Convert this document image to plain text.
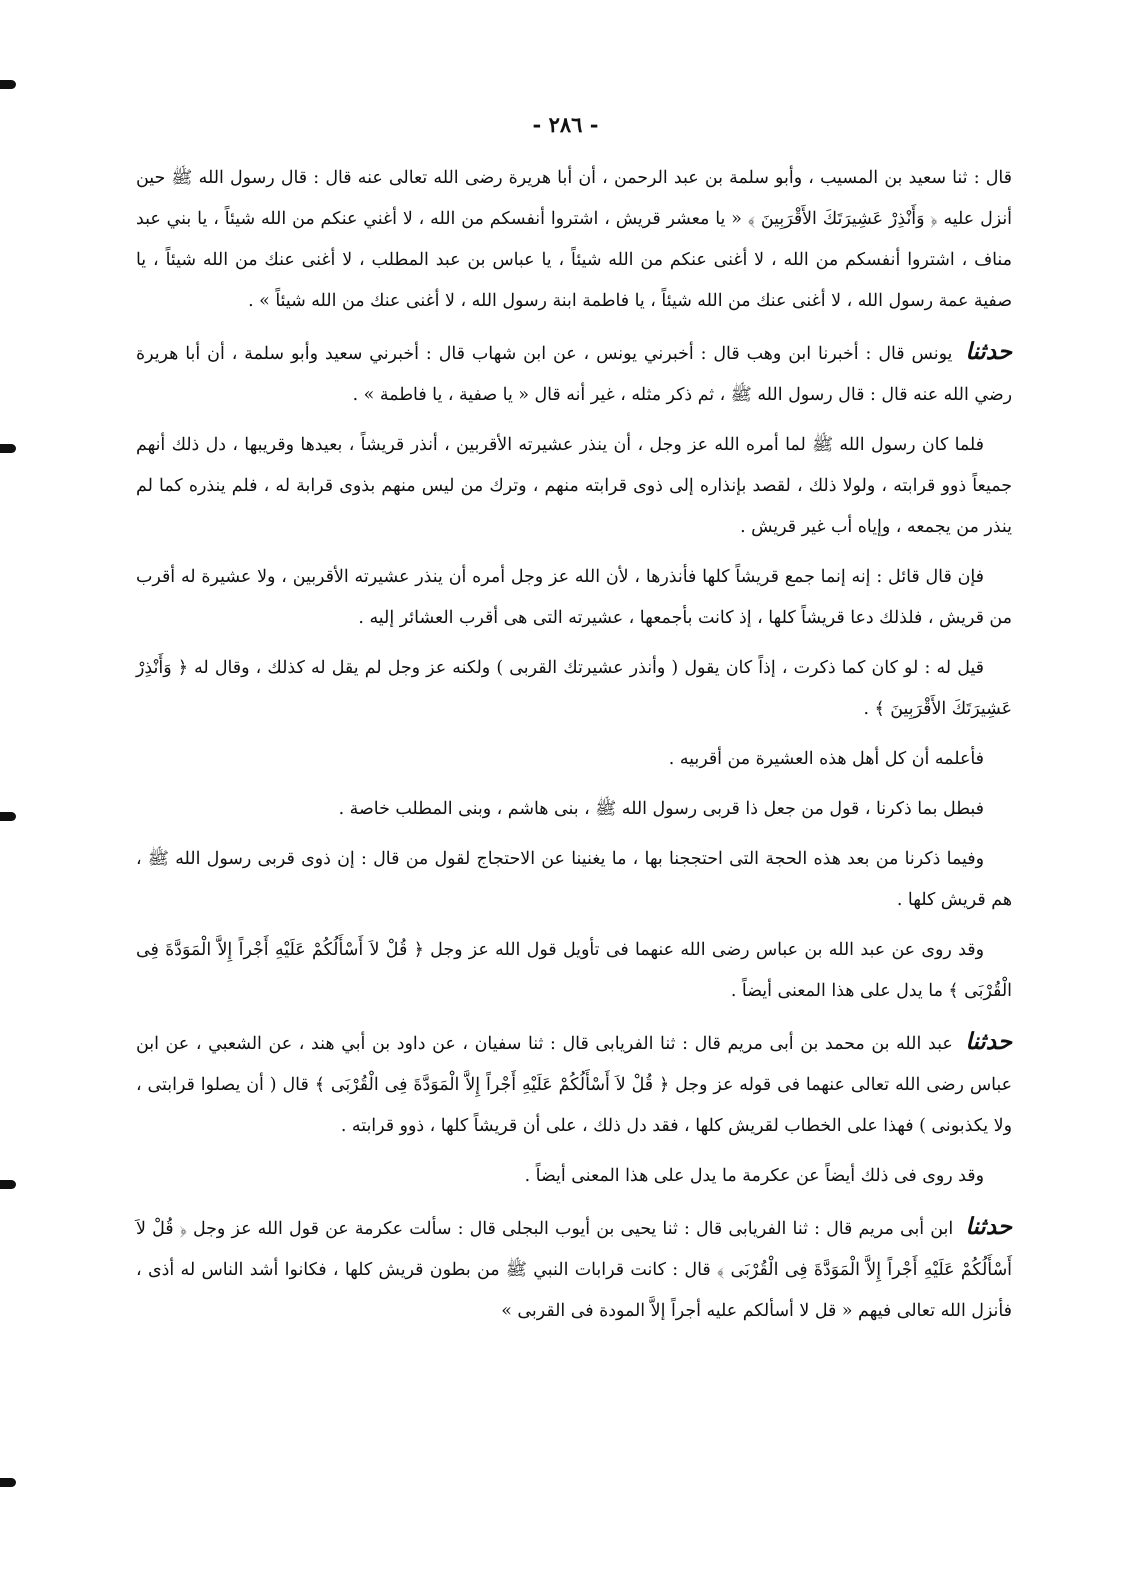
- ٢٨٦ -

قال : ثنا سعيد بن المسيب ، وأبو سلمة بن عبد الرحمن ، أن أبا هريرة رضى الله تعالى عنه قال : قال رسول الله ﷺ حين أنزل عليه ﴿ وَأَنْذِرْ عَشِيرَتَكَ الأَقْرَبِينَ ﴾ « يا معشر قريش ، اشتروا أنفسكم من الله ، لا أغني عنكم من الله شيئاً ، يا بني عبد مناف ، اشتروا أنفسكم من الله ، لا أغنى عنكم من الله شيئاً ، يا عباس بن عبد المطلب ، لا أغنى عنك من الله شيئاً ، يا صفية عمة رسول الله ، لا أغنى عنك من الله شيئاً ، يا فاطمة ابنة رسول الله ، لا أغنى عنك من الله شيئاً » .

حدثنا يونس قال : أخبرنا ابن وهب قال : أخبرني يونس ، عن ابن شهاب قال : أخبرني سعيد وأبو سلمة ، أن أبا هريرة رضي الله عنه قال : قال رسول الله ﷺ ، ثم ذكر مثله ، غير أنه قال « يا صفية ، يا فاطمة » .

فلما كان رسول الله ﷺ لما أمره الله عز وجل ، أن ينذر عشيرته الأقربين ، أنذر قريشاً ، بعيدها وقريبها ، دل ذلك أنهم جميعاً ذوو قرابته ، ولولا ذلك ، لقصد بإنذاره إلى ذوى قرابته منهم ، وترك من ليس منهم بذوى قرابة له ، فلم ينذره كما لم ينذر من يجمعه ، وإياه أب غير قريش .

فإن قال قائل : إنه إنما جمع قريشاً كلها فأنذرها ، لأن الله عز وجل أمره أن ينذر عشيرته الأقربين ، ولا عشيرة له أقرب من قريش ، فلذلك دعا قريشاً كلها ، إذ كانت بأجمعها ، عشيرته التى هى أقرب العشائر إليه .

قيل له : لو كان كما ذكرت ، إذاً كان يقول ( وأنذر عشيرتك القربى ) ولكنه عز وجل لم يقل له كذلك ، وقال له ﴿ وَأَنْذِرْ عَشِيرَتَكَ الأَقْرَبِينَ ﴾ .

فأعلمه أن كل أهل هذه العشيرة من أقربيه .

فبطل بما ذكرنا ، قول من جعل ذا قربى رسول الله ﷺ ، بنى هاشم ، وبنى المطلب خاصة .

وفيما ذكرنا من بعد هذه الحجة التى احتججنا بها ، ما يغنينا عن الاحتجاج لقول من قال : إن ذوى قربى رسول الله ﷺ ، هم قريش كلها .

وقد روى عن عبد الله بن عباس رضى الله عنهما فى تأويل قول الله عز وجل ﴿ قُلْ لاَ أَسْأَلُكُمْ عَلَيْهِ أَجْراً إِلاَّ الْمَوَدَّةَ فِى الْقُرْبَى ﴾ ما يدل على هذا المعنى أيضاً .

حدثنا عبد الله بن محمد بن أبى مريم قال : ثنا الفريابى قال : ثنا سفيان ، عن داود بن أبي هند ، عن الشعبي ، عن ابن عباس رضى الله تعالى عنهما فى قوله عز وجل ﴿ قُلْ لاَ أَسْأَلُكُمْ عَلَيْهِ أَجْراً إِلاَّ الْمَوَدَّةَ فِى الْقُرْبَى ﴾ قال ( أن يصلوا قرابتى ، ولا يكذبونى ) فهذا على الخطاب لقريش كلها ، فقد دل ذلك ، على أن قريشاً كلها ، ذوو قرابته .

وقد روى فى ذلك أيضاً عن عكرمة ما يدل على هذا المعنى أيضاً .

حدثنا ابن أبى مريم قال : ثنا الفريابى قال : ثنا يحيى بن أيوب البجلى قال : سألت عكرمة عن قول الله عز وجل ﴿ قُلْ لاَ أَسْأَلُكُمْ عَلَيْهِ أَجْراً إِلاَّ الْمَوَدَّةَ فِى الْقُرْبَى ﴾ قال : كانت قرابات النبي ﷺ من بطون قريش كلها ، فكانوا أشد الناس له أذى ، فأنزل الله تعالى فيهم « قل لا أسألكم عليه أجراً إلاَّ المودة فى القربى »
